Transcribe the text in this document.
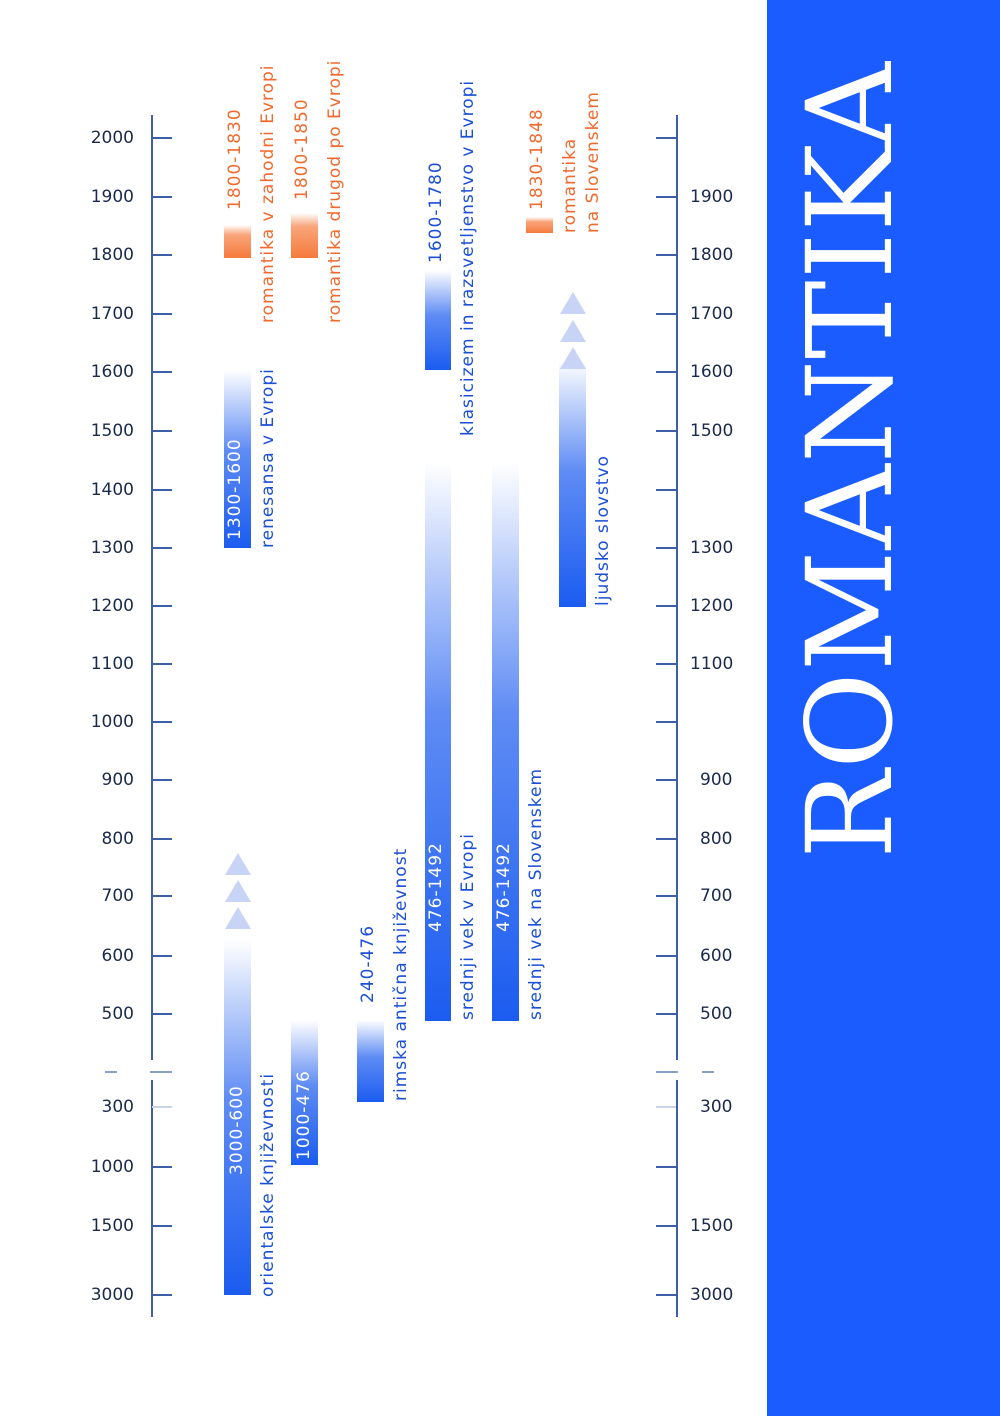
ROMANTIKA
2000
1900
1800
1700
1600
1500
1400
1300
1200
1100
1000
900
800
700
600
500
300
1000
1500
3000
1900
1800
1700
1600
1500
1300
1200
1100
900
800
700
600
500
300
1500
3000
3000-600 orientalske književnosti 1000-476
240-476 rimska antična književnost 476-1492 srednji vek v Evropi 476-1492 srednji vek na Slovenskem
1300-1600 renesansa v Evropi
1600-1780 klasicizem in razsvetljenstvo v Evropi
ljudsko slovstvo
1800-1830 romantika v zahodni Evropi 1800-1850 romantika drugod po Evropi	1830-1848 romantika na Slovenskem
